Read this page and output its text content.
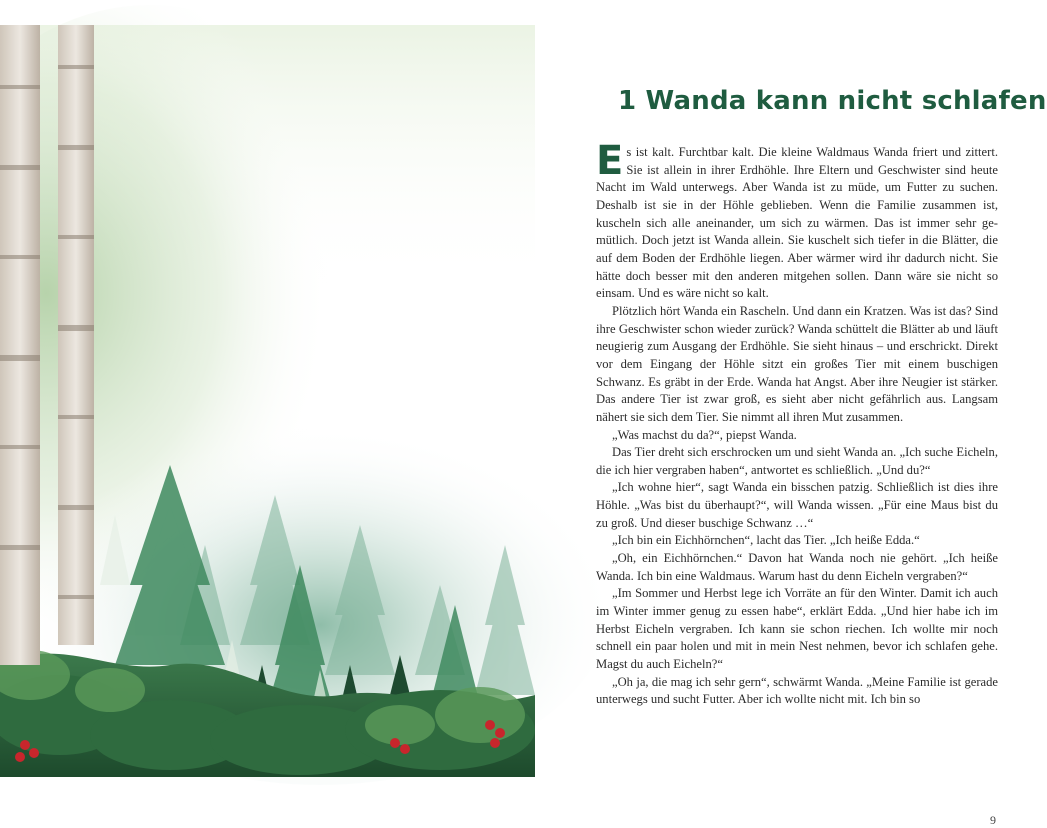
1 Wanda kann nicht schlafen

Es ist kalt. Furchtbar kalt. Die kleine Waldmaus Wanda friert und zittert. Sie ist allein in ihrer Erdhöhle. Ihre Eltern und Geschwister sind heute Nacht im Wald unterwegs. Aber Wanda ist zu müde, um Futter zu suchen. Deshalb ist sie in der Höhle geblieben. Wenn die Familie zusammen ist, kuscheln sich alle aneinander, um sich zu wärmen. Das ist immer sehr gemütlich. Doch jetzt ist Wanda allein. Sie kuschelt sich tiefer in die Blätter, die auf dem Boden der Erdhöhle liegen. Aber wärmer wird ihr dadurch nicht. Sie hätte doch besser mit den anderen mitgehen sollen. Dann wäre sie nicht so einsam. Und es wäre nicht so kalt.

Plötzlich hört Wanda ein Rascheln. Und dann ein Kratzen. Was ist das? Sind ihre Geschwister schon wieder zurück? Wanda schüttelt die Blätter ab und läuft neugierig zum Ausgang der Erdhöhle. Sie sieht hinaus – und erschrickt. Direkt vor dem Eingang der Höhle sitzt ein großes Tier mit einem buschigen Schwanz. Es gräbt in der Erde. Wanda hat Angst. Aber ihre Neugier ist stärker. Das andere Tier ist zwar groß, es sieht aber nicht gefährlich aus. Langsam nähert sie sich dem Tier. Sie nimmt all ihren Mut zusammen.

„Was machst du da?“, piepst Wanda.

Das Tier dreht sich erschrocken um und sieht Wanda an. „Ich suche Eicheln, die ich hier vergraben haben“, antwortet es schließlich. „Und du?“

„Ich wohne hier“, sagt Wanda ein bisschen patzig. Schließlich ist dies ihre Höhle. „Was bist du überhaupt?“, will Wanda wissen. „Für eine Maus bist du zu groß. Und dieser buschige Schwanz …“

„Ich bin ein Eichhörnchen“, lacht das Tier. „Ich heiße Edda.“

„Oh, ein Eichhörnchen.“ Davon hat Wanda noch nie gehört. „Ich heiße Wanda. Ich bin eine Waldmaus. Warum hast du denn Eicheln vergraben?“

„Im Sommer und Herbst lege ich Vorräte an für den Winter. Damit ich auch im Winter immer genug zu essen habe“, erklärt Edda. „Und hier habe ich im Herbst Eicheln vergraben. Ich kann sie schon riechen. Ich wollte mir noch schnell ein paar holen und mit in mein Nest nehmen, bevor ich schlafen gehe. Magst du auch Eicheln?“

„Oh ja, die mag ich sehr gern“, schwärmt Wanda. „Meine Familie ist gerade unterwegs und sucht Futter. Aber ich wollte nicht mit. Ich bin so

9
